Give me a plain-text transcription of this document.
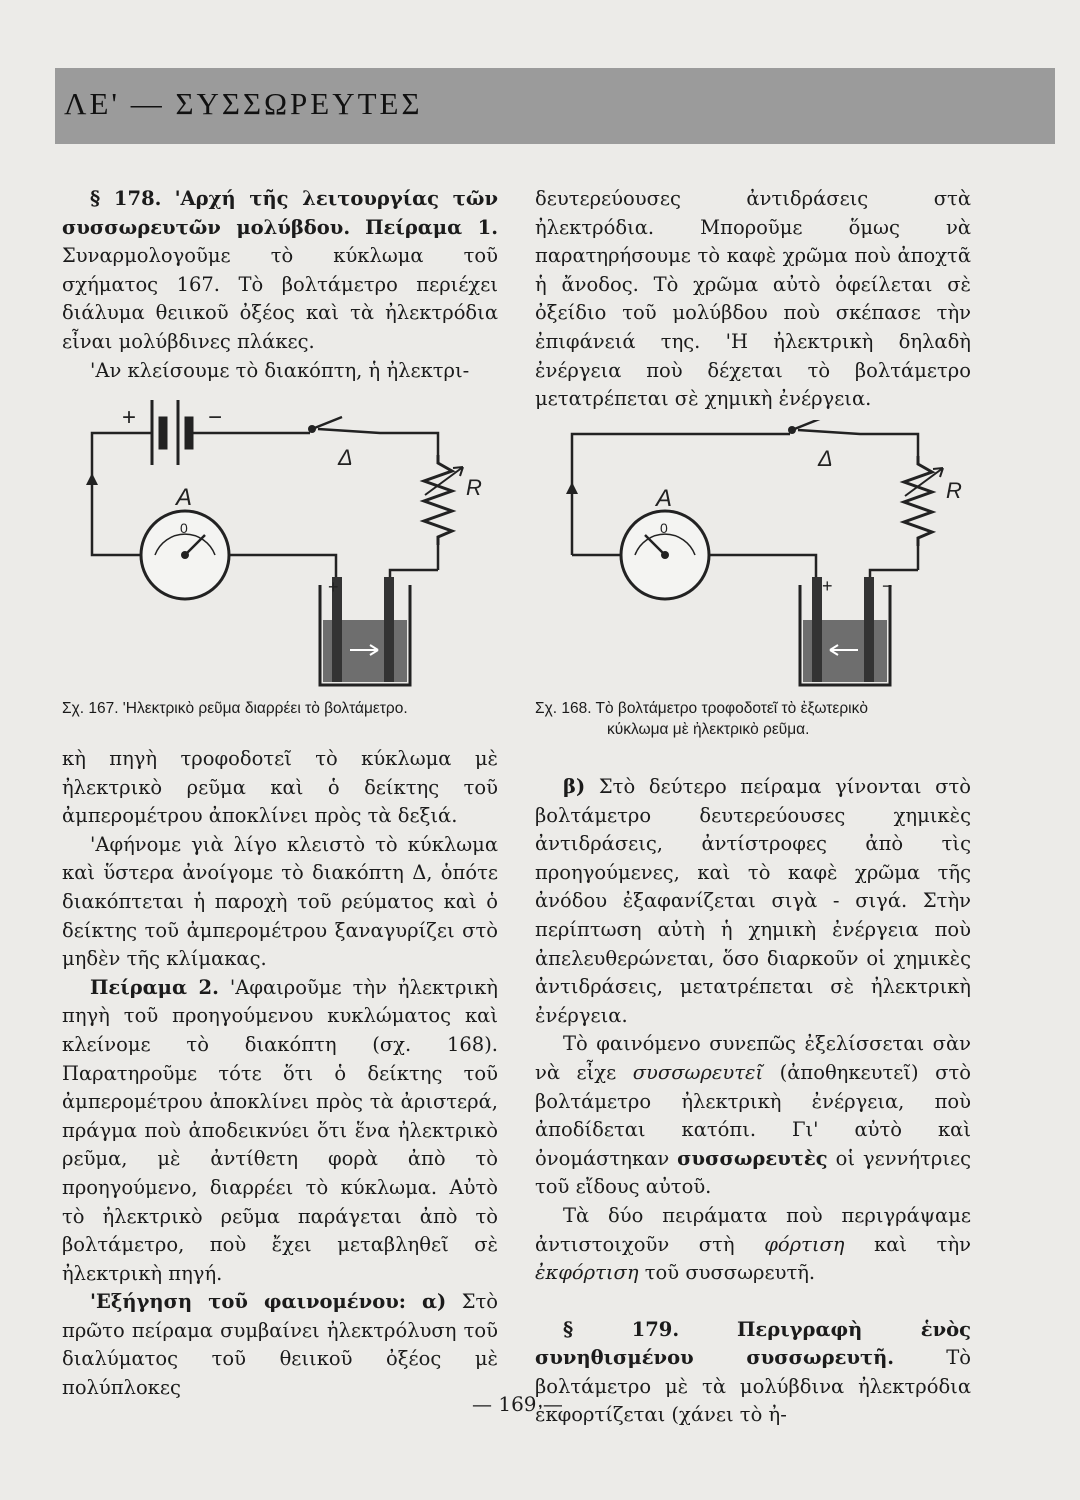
ΛΕ' — ΣΥΣΣΩΡΕΥΤΕΣ

§ 178. 'Αρχή τῆς λειτουργίας τῶν συσσωρευτῶν μολύβδου. Πείραμα 1. Συναρμολογοῦμε τὸ κύκλωμα τοῦ σχήματος 167. Τὸ βολτάμετρο περιέχει διάλυμα θειικοῦ ὀξέος καὶ τὰ ἠλεκτρόδια εἶναι μολύβδινες πλάκες.

'Αν κλείσουμε τὸ διακόπτη, ἡ ἠλεκτρι-

+	−
Δ
R
0
A
+
Σχ. 167. 'Ηλεκτρικὸ ρεῦμα διαρρέει τὸ βολτάμετρο.

κὴ πηγὴ τροφοδοτεῖ τὸ κύκλωμα μὲ ἠλεκτρικὸ ρεῦμα καὶ ὁ δείκτης τοῦ ἀμπερομέτρου ἀποκλίνει πρὸς τὰ δεξιά.

'Αφήνομε γιὰ λίγο κλειστὸ τὸ κύκλωμα καὶ ὕστερα ἀνοίγομε τὸ διακόπτη Δ, ὁπότε διακόπτεται ἡ παροχὴ τοῦ ρεύματος καὶ ὁ δείκτης τοῦ ἀμπερομέτρου ξαναγυρίζει στὸ μηδὲν τῆς κλίμακας.

Πείραμα 2. 'Αφαιροῦμε τὴν ἠλεκτρικὴ πηγὴ τοῦ προηγούμενου κυκλώματος καὶ κλείνομε τὸ διακόπτη (σχ. 168). Παρατηροῦμε τότε ὅτι ὁ δείκτης τοῦ ἀμπερομέτρου ἀποκλίνει πρὸς τὰ ἀριστερά, πράγμα ποὺ ἀποδεικνύει ὅτι ἕνα ἠλεκτρικὸ ρεῦμα, μὲ ἀντίθετη φορὰ ἀπὸ τὸ προηγούμενο, διαρρέει τὸ κύκλωμα. Αὐτὸ τὸ ἠλεκτρικὸ ρεῦμα παράγεται ἀπὸ τὸ βολτάμετρο, ποὺ ἔχει μεταβληθεῖ σὲ ἠλεκτρικὴ πηγή.

'Εξήγηση τοῦ φαινομένου: α) Στὸ πρῶτο πείραμα συμβαίνει ἠλεκτρόλυση τοῦ διαλύματος τοῦ θειικοῦ ὀξέος μὲ πολύπλοκες

δευτερεύουσες ἀντιδράσεις στὰ ἠλεκτρόδια. Μποροῦμε ὅμως νὰ παρατηρήσουμε τὸ καφὲ χρῶμα ποὺ ἀποχτᾶ ἡ ἄνοδος. Τὸ χρῶμα αὐτὸ ὀφείλεται σὲ ὀξείδιο τοῦ μολύβδου ποὺ σκέπασε τὴν ἐπιφάνειά της. 'Η ἠλεκτρικὴ δηλαδὴ ἐνέργεια ποὺ δέχεται τὸ βολτάμετρο μετατρέπεται σὲ χημικὴ ἐνέργεια.

Δ
R
0
A
+	−
Σχ. 168. Τὸ βολτάμετρο τροφοδοτεῖ τὸ ἐξωτερικὸ
κύκλωμα μὲ ἠλεκτρικὸ ρεῦμα.

β) Στὸ δεύτερο πείραμα γίνονται στὸ βολτάμετρο δευτερεύουσες χημικὲς ἀντιδράσεις, ἀντίστροφες ἀπὸ τὶς προηγούμενες, καὶ τὸ καφὲ χρῶμα τῆς ἀνόδου ἐξαφανίζεται σιγὰ - σιγά. Στὴν περίπτωση αὐτὴ ἡ χημικὴ ἐνέργεια ποὺ ἀπελευθερώνεται, ὅσο διαρκοῦν οἱ χημικὲς ἀντιδράσεις, μετατρέπεται σὲ ἠλεκτρικὴ ἐνέργεια.

Τὸ φαινόμενο συνεπῶς ἐξελίσσεται σὰν νὰ εἶχε συσσωρευτεῖ (ἀποθηκευτεῖ) στὸ βολτάμετρο ἠλεκτρικὴ ἐνέργεια, ποὺ ἀποδίδεται κατόπι. Γι' αὐτὸ καὶ ὀνομάστηκαν συσσωρευτὲς οἱ γεννήτριες τοῦ εἴδους αὐτοῦ.

Τὰ δύο πειράματα ποὺ περιγράψαμε ἀντιστοιχοῦν στὴ φόρτιση καὶ τὴν ἐκφόρτιση τοῦ συσσωρευτῆ.

§ 179.	Περιγραφὴ ἑνὸς συνηθισμένου συσσωρευτῆ.	Τὸ βολτάμετρο μὲ τὰ μολύβδινα ἠλεκτρόδια ἐκφορτίζεται (χάνει τὸ ἠ-

— 169 —
